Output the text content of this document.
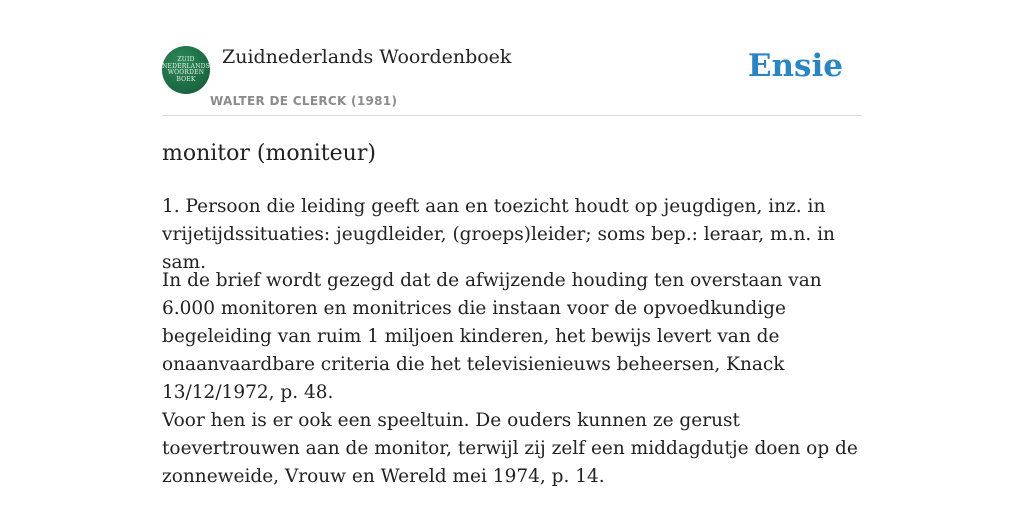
ZUID
NEDERLANDS
WOORDEN
BOEK
Zuidnederlands Woordenboek
WALTER DE CLERCK (1981)
Ensie
monitor (moniteur)

1. Persoon die leiding geeft aan en toezicht houdt op jeugdigen, inz. in vrijetijdssituaties: jeugdleider, (groeps)leider; soms bep.: leraar, m.n. in sam.

In de brief wordt gezegd dat de afwijzende houding ten overstaan van 6.000 monitoren en monitrices die instaan voor de opvoedkundige begeleiding van ruim 1 miljoen kinderen, het bewijs levert van de onaanvaardbare criteria die het televisienieuws beheersen, Knack 13/12/1972, p. 48.

Voor hen is er ook een speeltuin. De ouders kunnen ze gerust toevertrouwen aan de monitor, terwijl zij zelf een middagdutje doen op de zonneweide, Vrouw en Wereld mei 1974, p. 14.
